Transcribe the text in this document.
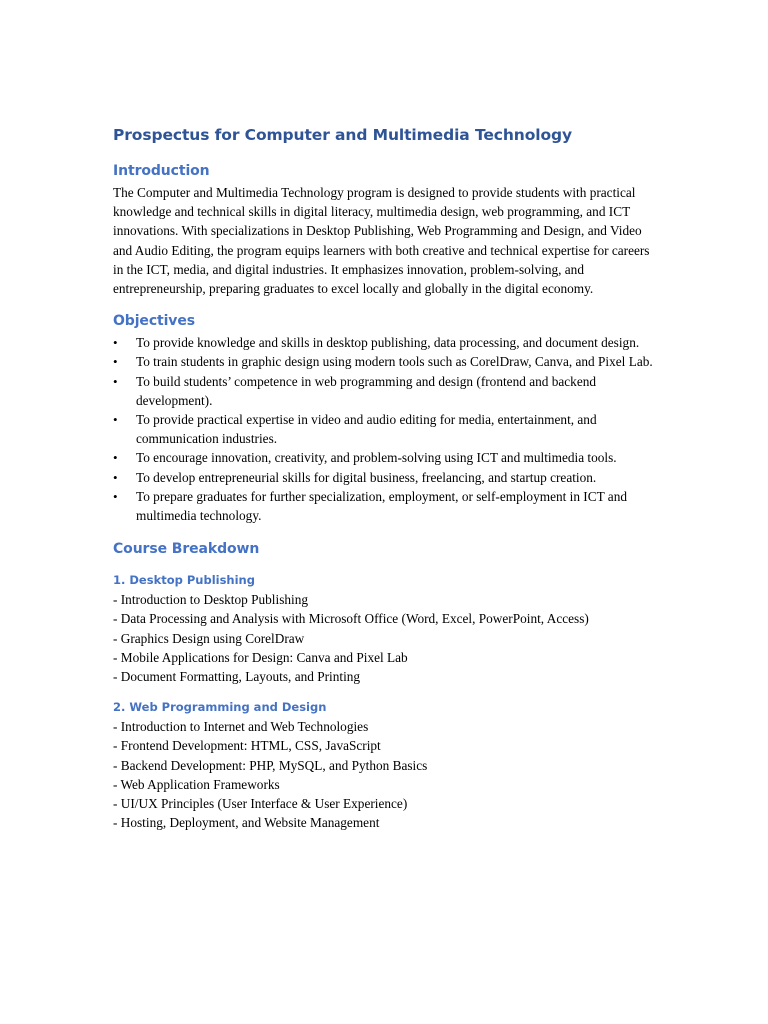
Prospectus for Computer and Multimedia Technology
Introduction

The Computer and Multimedia Technology program is designed to provide students with practical knowledge and technical skills in digital literacy, multimedia design, web programming, and ICT innovations. With specializations in Desktop Publishing, Web Programming and Design, and Video and Audio Editing, the program equips learners with both creative and technical expertise for careers in the ICT, media, and digital industries. It emphasizes innovation, problem-solving, and entrepreneurship, preparing graduates to excel locally and globally in the digital economy.

Objectives
• To provide knowledge and skills in desktop publishing, data processing, and document design.
• To train students in graphic design using modern tools such as CorelDraw, Canva, and Pixel Lab.
• To build students’ competence in web programming and design (frontend and backend development).
• To provide practical expertise in video and audio editing for media, entertainment, and communication industries.
• To encourage innovation, creativity, and problem-solving using ICT and multimedia tools.
• To develop entrepreneurial skills for digital business, freelancing, and startup creation.
• To prepare graduates for further specialization, employment, or self-employment in ICT and multimedia technology.
Course Breakdown
1. Desktop Publishing
- Introduction to Desktop Publishing
- Data Processing and Analysis with Microsoft Office (Word, Excel, PowerPoint, Access)
- Graphics Design using CorelDraw
- Mobile Applications for Design: Canva and Pixel Lab
- Document Formatting, Layouts, and Printing
2. Web Programming and Design
- Introduction to Internet and Web Technologies
- Frontend Development: HTML, CSS, JavaScript
- Backend Development: PHP, MySQL, and Python Basics
- Web Application Frameworks
- UI/UX Principles (User Interface & User Experience)
- Hosting, Deployment, and Website Management
